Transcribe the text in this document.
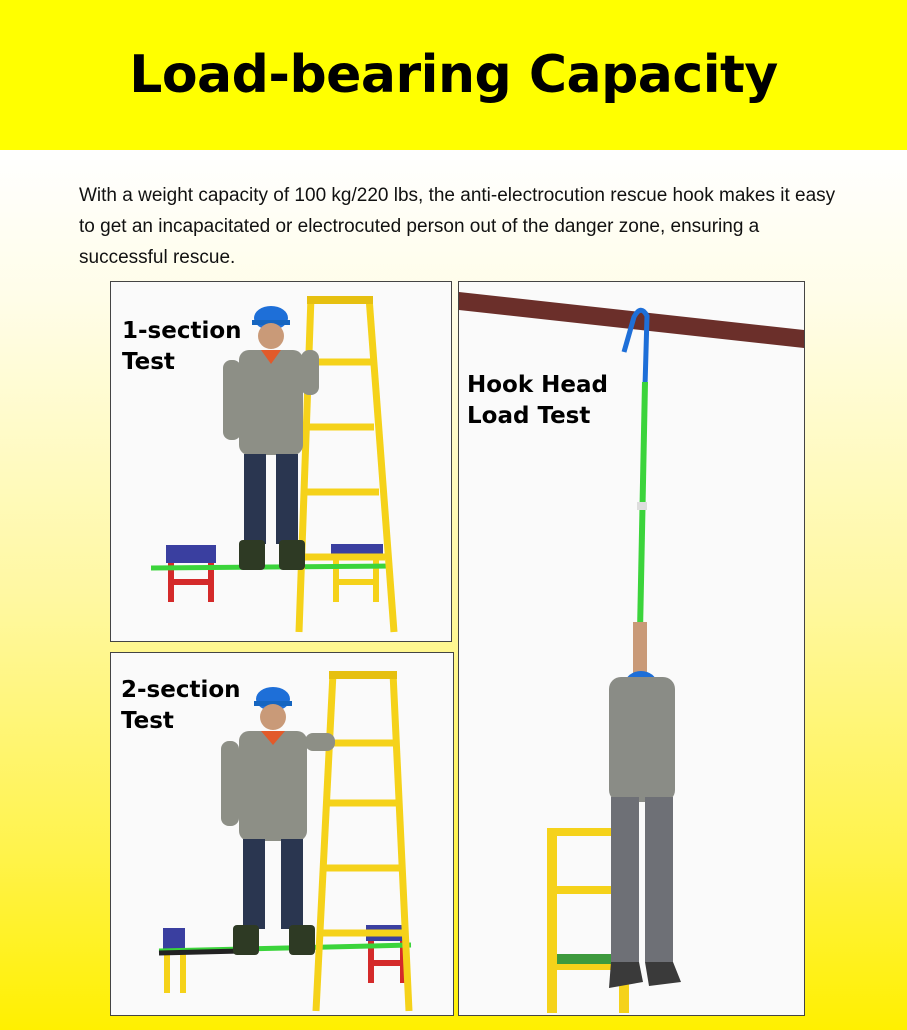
Load-bearing Capacity
With a weight capacity of 100 kg/220 lbs, the anti-electrocution rescue hook makes it easy to get an incapacitated or electrocuted person out of the danger zone, ensuring a successful rescue.
1-section
Test
2-section
Test
Hook Head
Load Test
